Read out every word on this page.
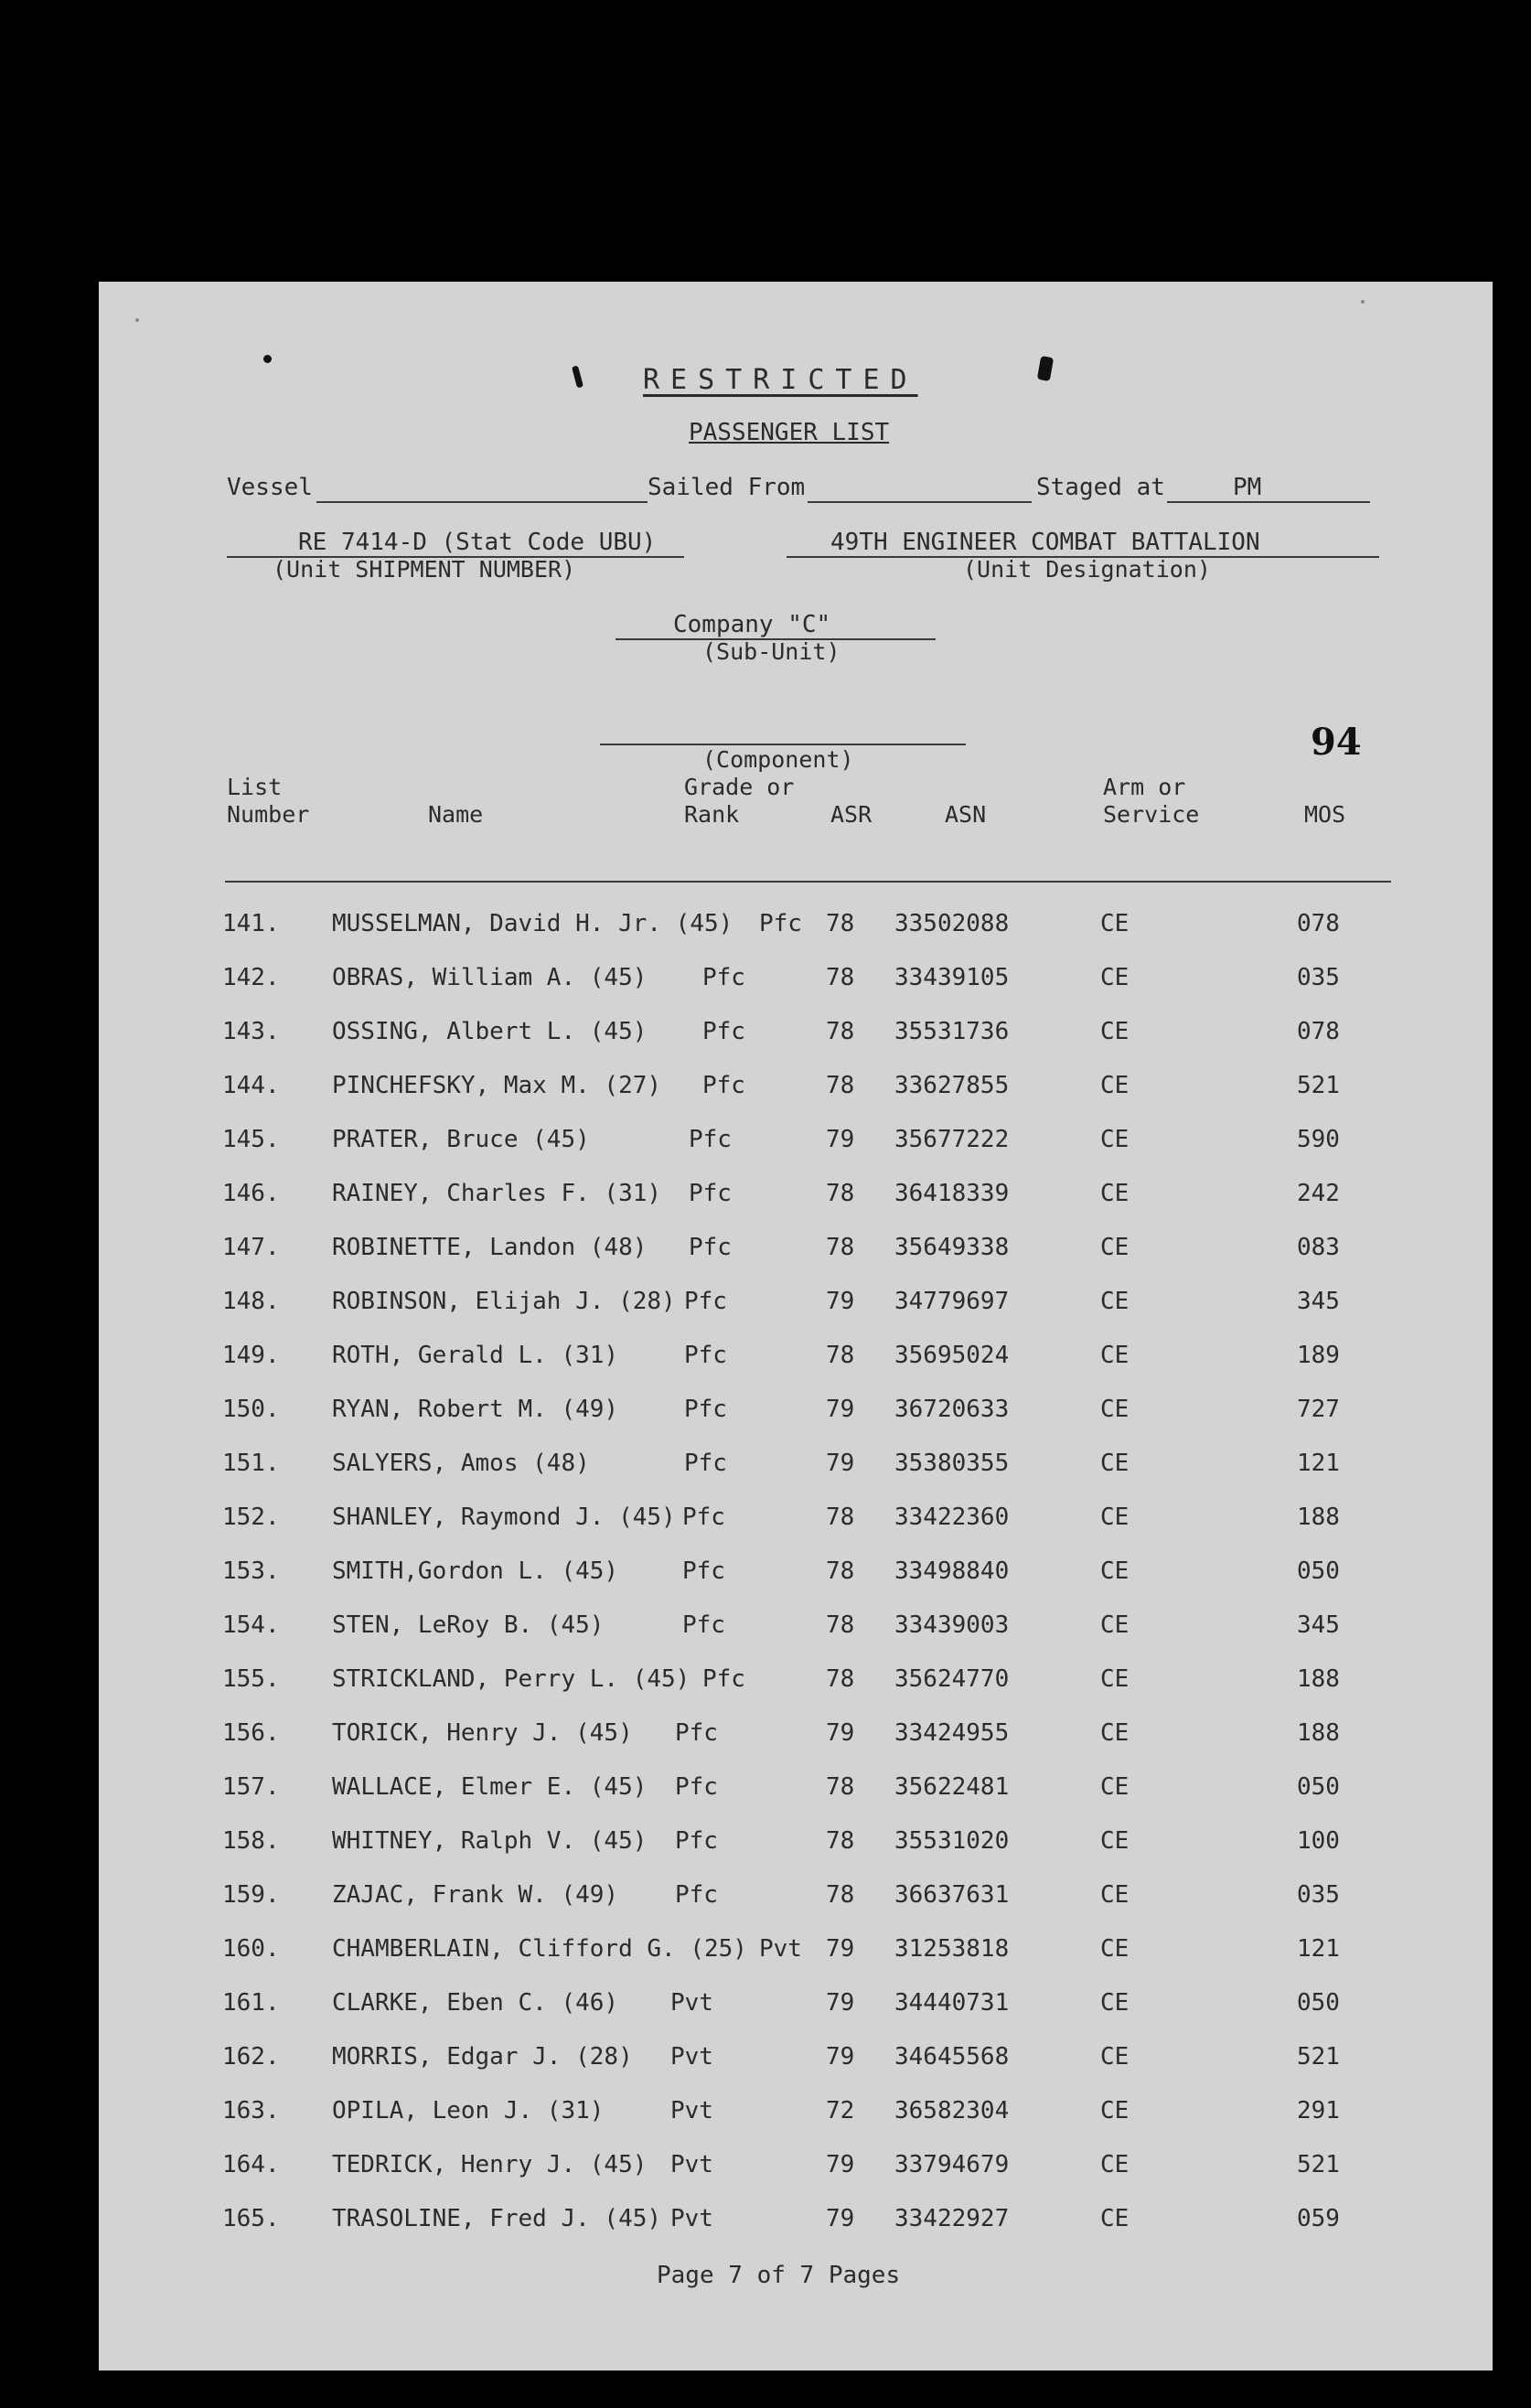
RESTRICTED
PASSENGER LIST
Vessel	Sailed From	Staged at	PM
RE 7414-D (Stat Code UBU)
(Unit SHIPMENT NUMBER)
49TH ENGINEER COMBAT BATTALION
(Unit Designation)
Company "C"
(Sub-Unit)
(Component)	94
List
Number	Name
Grade or
Rank	ASR	ASN
Arm or
Service	MOS
141. MUSSELMAN, David H. Jr. (45) Pfc 78 33502088	CE	078
142. OBRAS, William A. (45) Pfc	78 33439105	CE	035
143. OSSING, Albert L. (45) Pfc	78 35531736	CE	078
144. PINCHEFSKY, Max M. (27) Pfc	78 33627855	CE	521
145. PRATER, Bruce (45)	Pfc	79 35677222	CE	590
146. RAINEY, Charles F. (31) Pfc	78 36418339	CE	242
147. ROBINETTE, Landon (48) Pfc	78 35649338	CE	083
148. ROBINSON, Elijah J. (28) Pfc	79 34779697	CE	345
149. ROTH, Gerald L. (31)	Pfc	78 35695024	CE	189
150. RYAN, Robert M. (49)	Pfc	79 36720633	CE	727
151. SALYERS, Amos (48)	Pfc	79 35380355	CE	121
152. SHANLEY, Raymond J. (45) Pfc	78 33422360	CE	188
153. SMITH,Gordon L. (45)	Pfc	78 33498840	CE	050
154. STEN, LeRoy B. (45)	Pfc	78 33439003	CE	345
155. STRICKLAND, Perry L. (45) Pfc	78 35624770	CE	188
156. TORICK, Henry J. (45) Pfc	79 33424955	CE	188
157. WALLACE, Elmer E. (45) Pfc	78 35622481	CE	050
158. WHITNEY, Ralph V. (45) Pfc	78 35531020	CE	100
159. ZAJAC, Frank W. (49) Pfc	78 36637631	CE	035
160. CHAMBERLAIN, Clifford G. (25) Pvt 79 31253818	CE	121
161. CLARKE, Eben C. (46) Pvt	79 34440731	CE	050
162. MORRIS, Edgar J. (28) Pvt	79 34645568	CE	521
163. OPILA, Leon J. (31)	Pvt	72 36582304	CE	291
164. TEDRICK, Henry J. (45) Pvt	79 33794679	CE	521
165. TRASOLINE, Fred J. (45) Pvt	79 33422927	CE	059
Page 7 of 7 Pages
